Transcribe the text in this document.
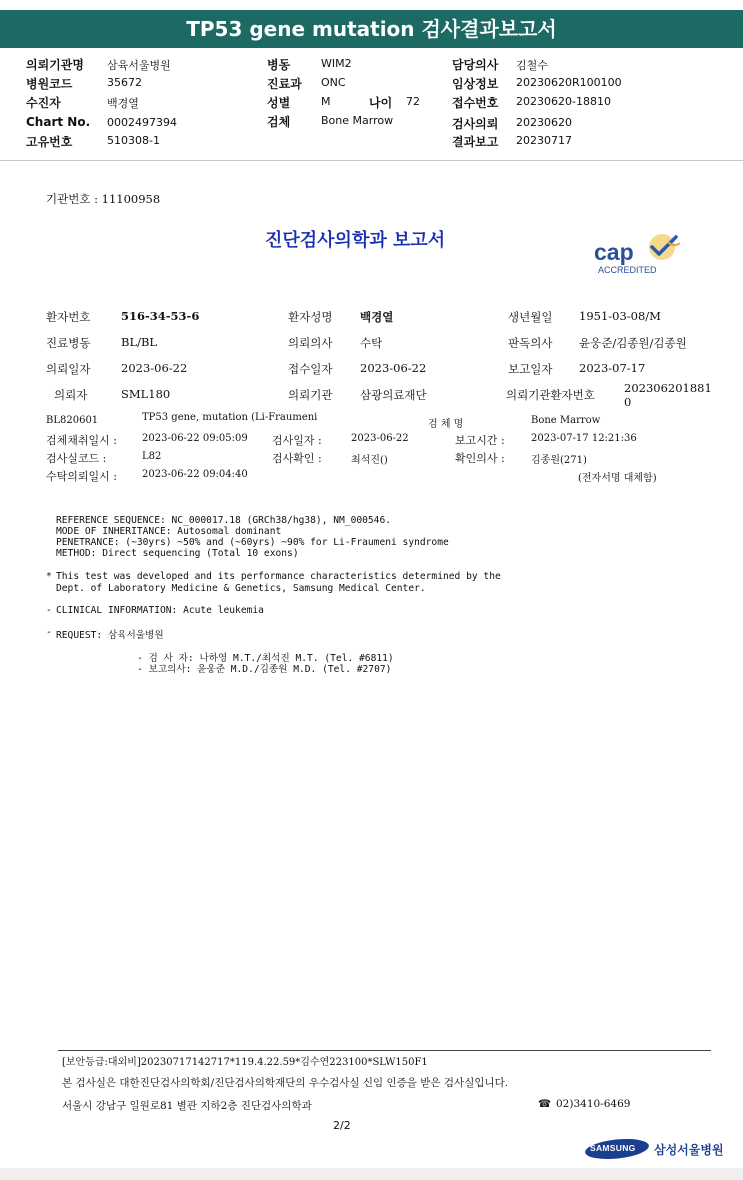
TP53 gene mutation 검사결과보고서
의뢰기관명 삼육서울병원
병원코드	35672
수진자	백경열
Chart No. 0002497394
고유번호	510308-1
병동	WIM2
진료과 ONC
성별	M	나이 72
검체	Bone Marrow
담당의사 김철수
임상정보 20230620R100100
접수번호 20230620-18810
검사의뢰 20230620
결과보고 20230717
기관번호 : 11100958
진단검사의학과 보고서	cap
ACCREDITED
환자번호	516-34-53-6	환자성명 백경열	생년월일 1951-03-08/M
진료병동	BL/BL	의뢰의사 수탁	판독의사 윤웅준/김종원/김종원
의뢰일자	2023-06-22	접수일자 2023-06-22	보고일자 2023-07-17
의뢰자	SML180	의뢰기관 삼광의료재단	의뢰기관환자번호	202306201881
0
BL820601	TP53 gene, mutation (Li-Fraumeni
검 체 명	Bone Marrow
검체채취일시 :	2023-06-22 09:05:09 검사일자 :	2023-06-22	보고시간 :	2023-07-17 12:21:36
검사실코드 :	L82	검사확인 :	최석진()	확인의사 :	김종원(271)
수탁의뢰일시 :	2023-06-22 09:04:40	(전자서명 대체함)
REFERENCE SEQUENCE: NC_000017.18 (GRCh38/hg38), NM_000546.
MODE OF INHERITANCE: Autosomal dominant
PENETRANCE: (~30yrs) ~50% and (~60yrs) ~90% for Li-Fraumeni syndrome
METHOD: Direct sequencing (Total 10 exons)
* This test was developed and its performance characteristics determined by the
Dept. of Laboratory Medicine & Genetics, Samsung Medical Center.
- CLINICAL INFORMATION: Acute leukemia
- REQUEST: 삼육서울병원
- 검 사 자: 나하영 M.T./최석진 M.T. (Tel. #6811)
- 보고의사: 윤웅준 M.D./김종원 M.D. (Tel. #2707)
[보안등급:대외비]20230717142717*119.4.22.59*김수연223100*SLW150F1
본 검사실은 대한진단검사의학회/진단검사의학재단의 우수검사실 신임 인증을 받은 검사실입니다.
서울시 강남구 일원로81 별관 지하2층 진단검사의학과	☎ 02)3410-6469
2/2
SAMSUNG 삼성서울병원
